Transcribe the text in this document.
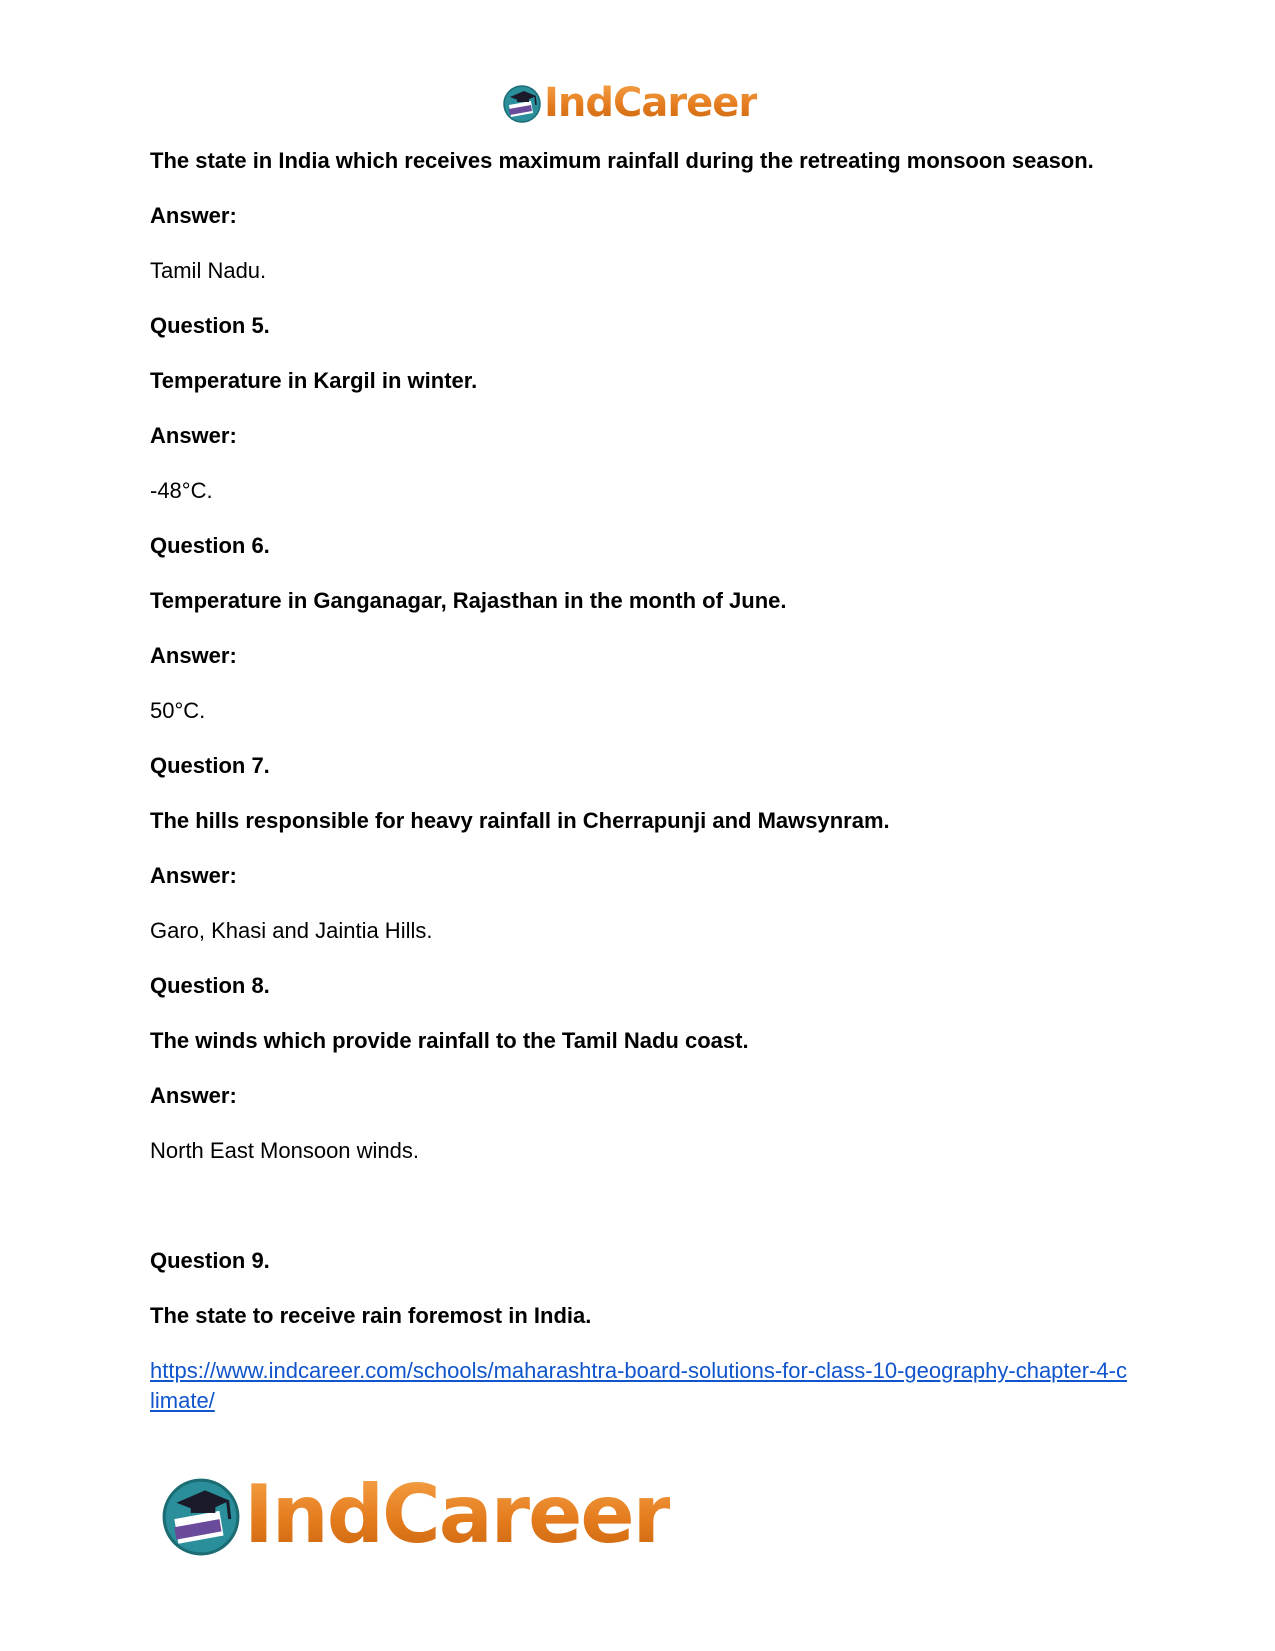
IndCareer

The state in India which receives maximum rainfall during the retreating monsoon season.

Answer:

Tamil Nadu.

Question 5.

Temperature in Kargil in winter.

Answer:

-48°C.

Question 6.

Temperature in Ganganagar, Rajasthan in the month of June.

Answer:

50°C.

Question 7.

The hills responsible for heavy rainfall in Cherrapunji and Mawsynram.

Answer:

Garo, Khasi and Jaintia Hills.

Question 8.

The winds which provide rainfall to the Tamil Nadu coast.

Answer:

North East Monsoon winds.

Question 9.

The state to receive rain foremost in India.

https://www.indcareer.com/schools/maharashtra-board-solutions-for-class-10-geography-chapter-4-climate/
IndCareer
